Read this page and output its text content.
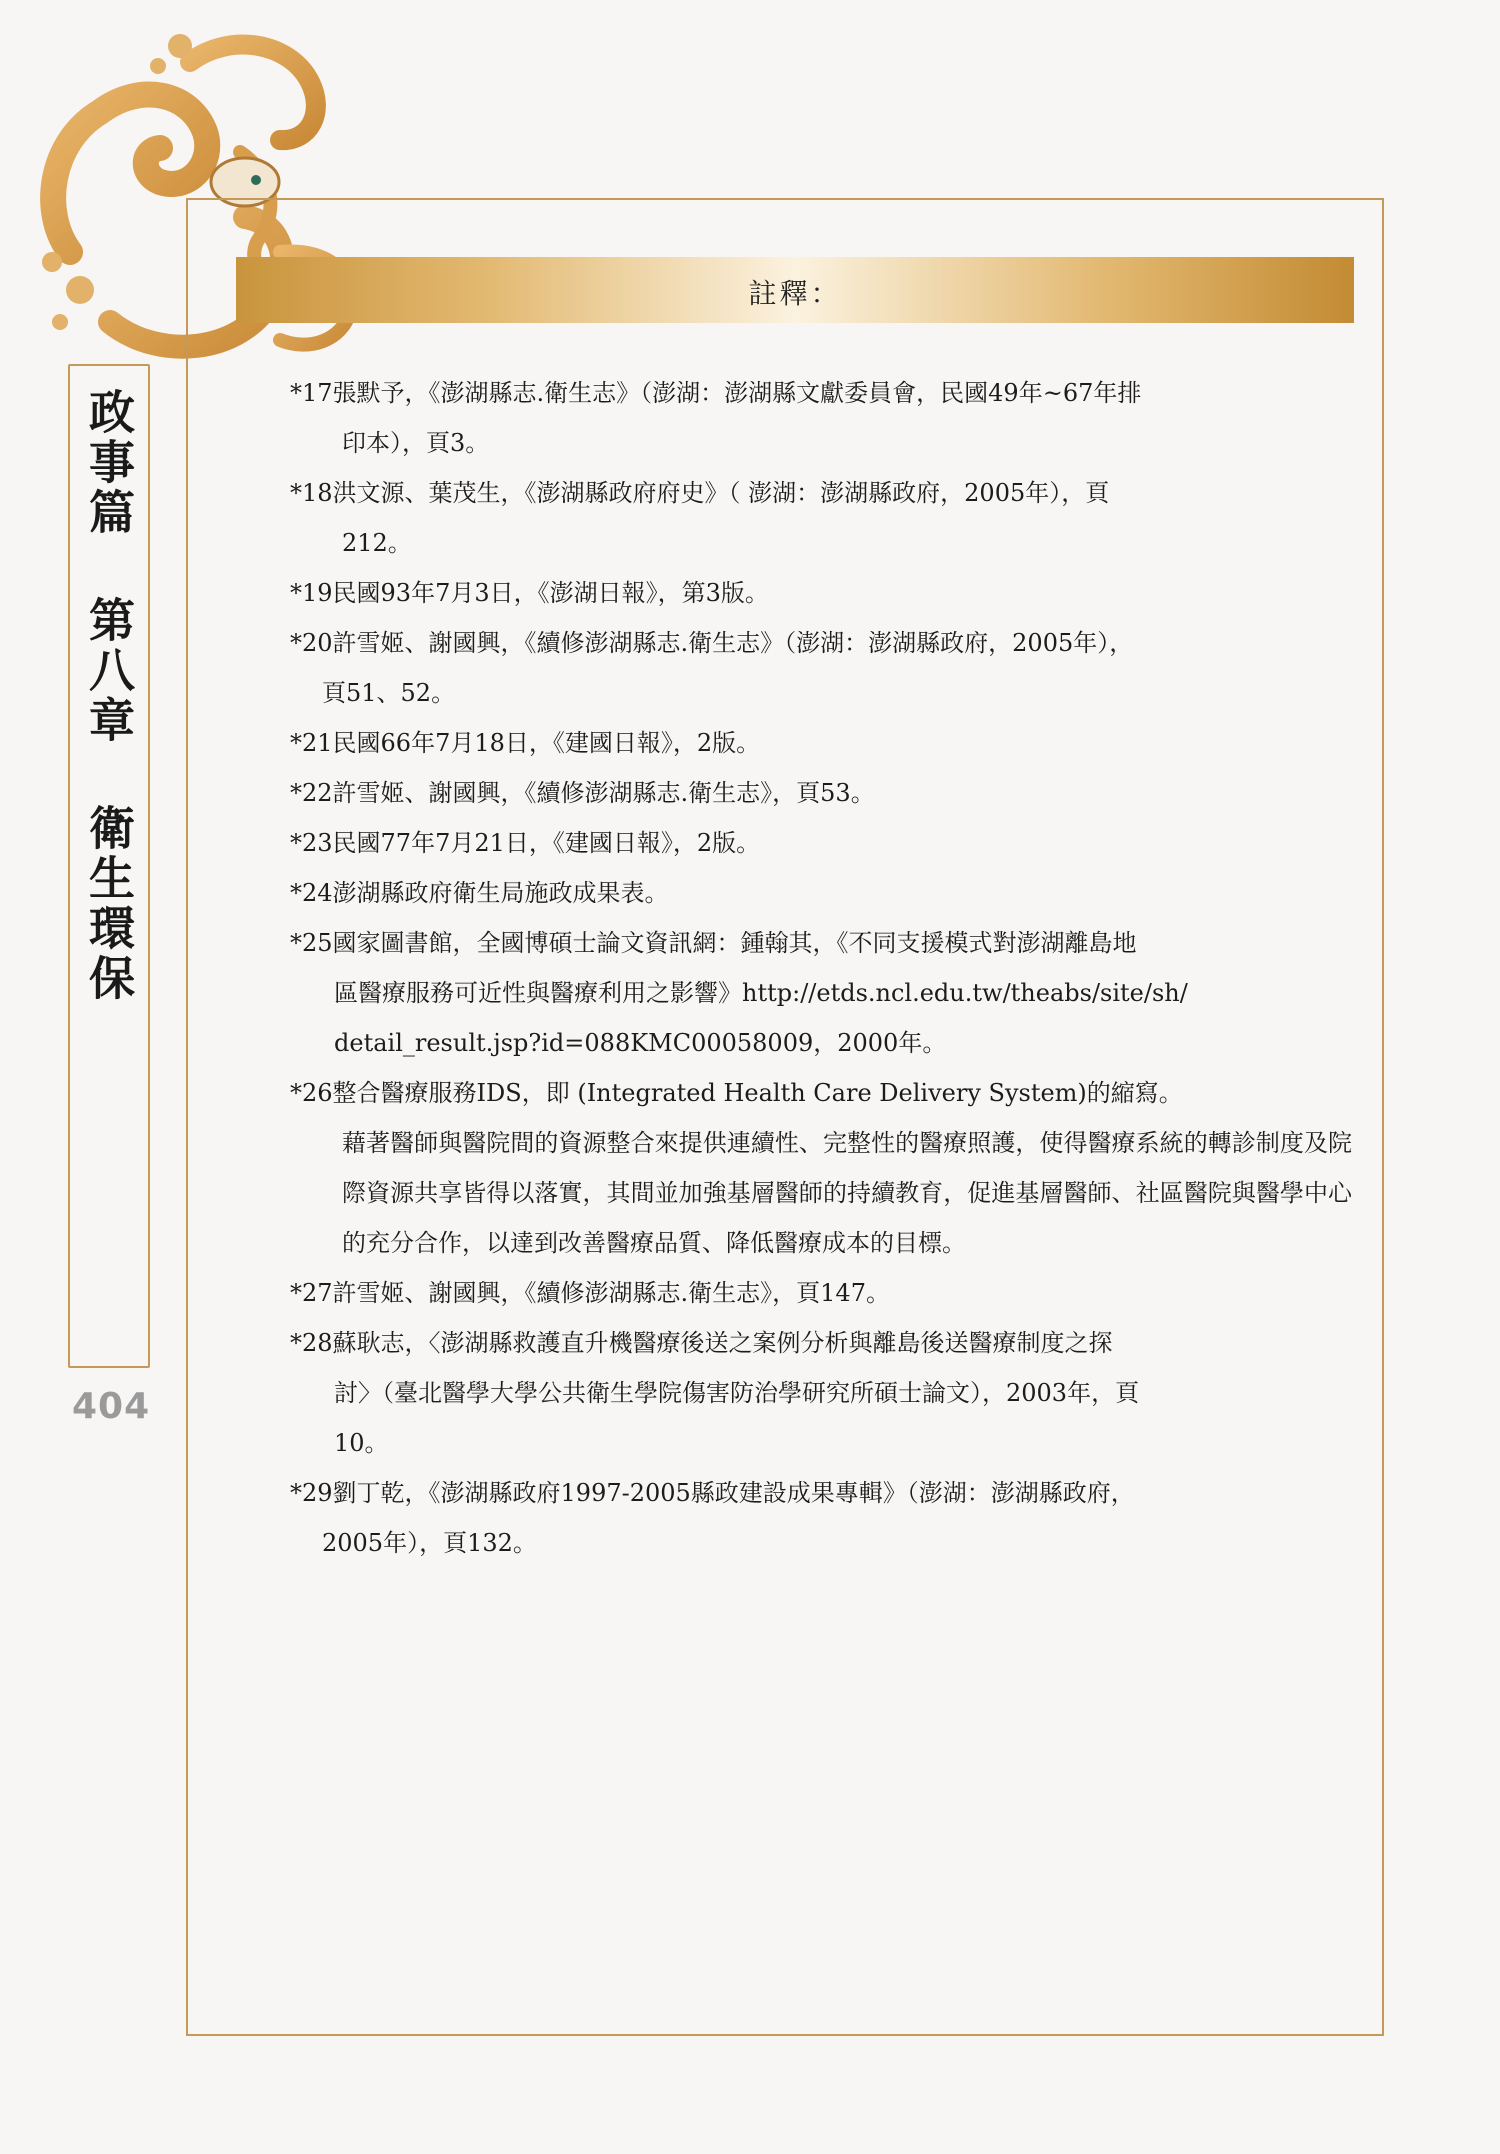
政事篇 第八章 衛生環保
404
註釋：
*17張默予，《澎湖縣志.衛生志》（澎湖：澎湖縣文獻委員會，民國49年~67年排
印本），頁3。
*18洪文源、葉茂生，《澎湖縣政府府史》（ 澎湖：澎湖縣政府，2005年），頁
212。
*19民國93年7月3日，《澎湖日報》，第3版。
*20許雪姬、謝國興，《續修澎湖縣志.衛生志》（澎湖：澎湖縣政府，2005年），
頁51、52。
*21民國66年7月18日，《建國日報》，2版。
*22許雪姬、謝國興，《續修澎湖縣志.衛生志》，頁53。
*23民國77年7月21日，《建國日報》，2版。
*24澎湖縣政府衛生局施政成果表。
*25國家圖書館，全國博碩士論文資訊網：鍾翰其，《不同支援模式對澎湖離島地
區醫療服務可近性與醫療利用之影響》http://etds.ncl.edu.tw/theabs/site/sh/
detail_result.jsp?id=088KMC00058009，2000年。
*26整合醫療服務IDS，即 (Integrated Health Care Delivery System)的縮寫。
藉著醫師與醫院間的資源整合來提供連續性、完整性的醫療照護，使得醫療系統的轉診制度及院際資源共享皆得以落實，其間並加強基層醫師的持續教育，促進基層醫師、社區醫院與醫學中心的充分合作，以達到改善醫療品質、降低醫療成本的目標。
*27許雪姬、謝國興，《續修澎湖縣志.衛生志》，頁147。
*28蘇耿志，〈澎湖縣救護直升機醫療後送之案例分析與離島後送醫療制度之探
討〉（臺北醫學大學公共衛生學院傷害防治學研究所碩士論文），2003年，頁
10。
*29劉丁乾，《澎湖縣政府1997-2005縣政建設成果專輯》（澎湖：澎湖縣政府，
2005年），頁132。
